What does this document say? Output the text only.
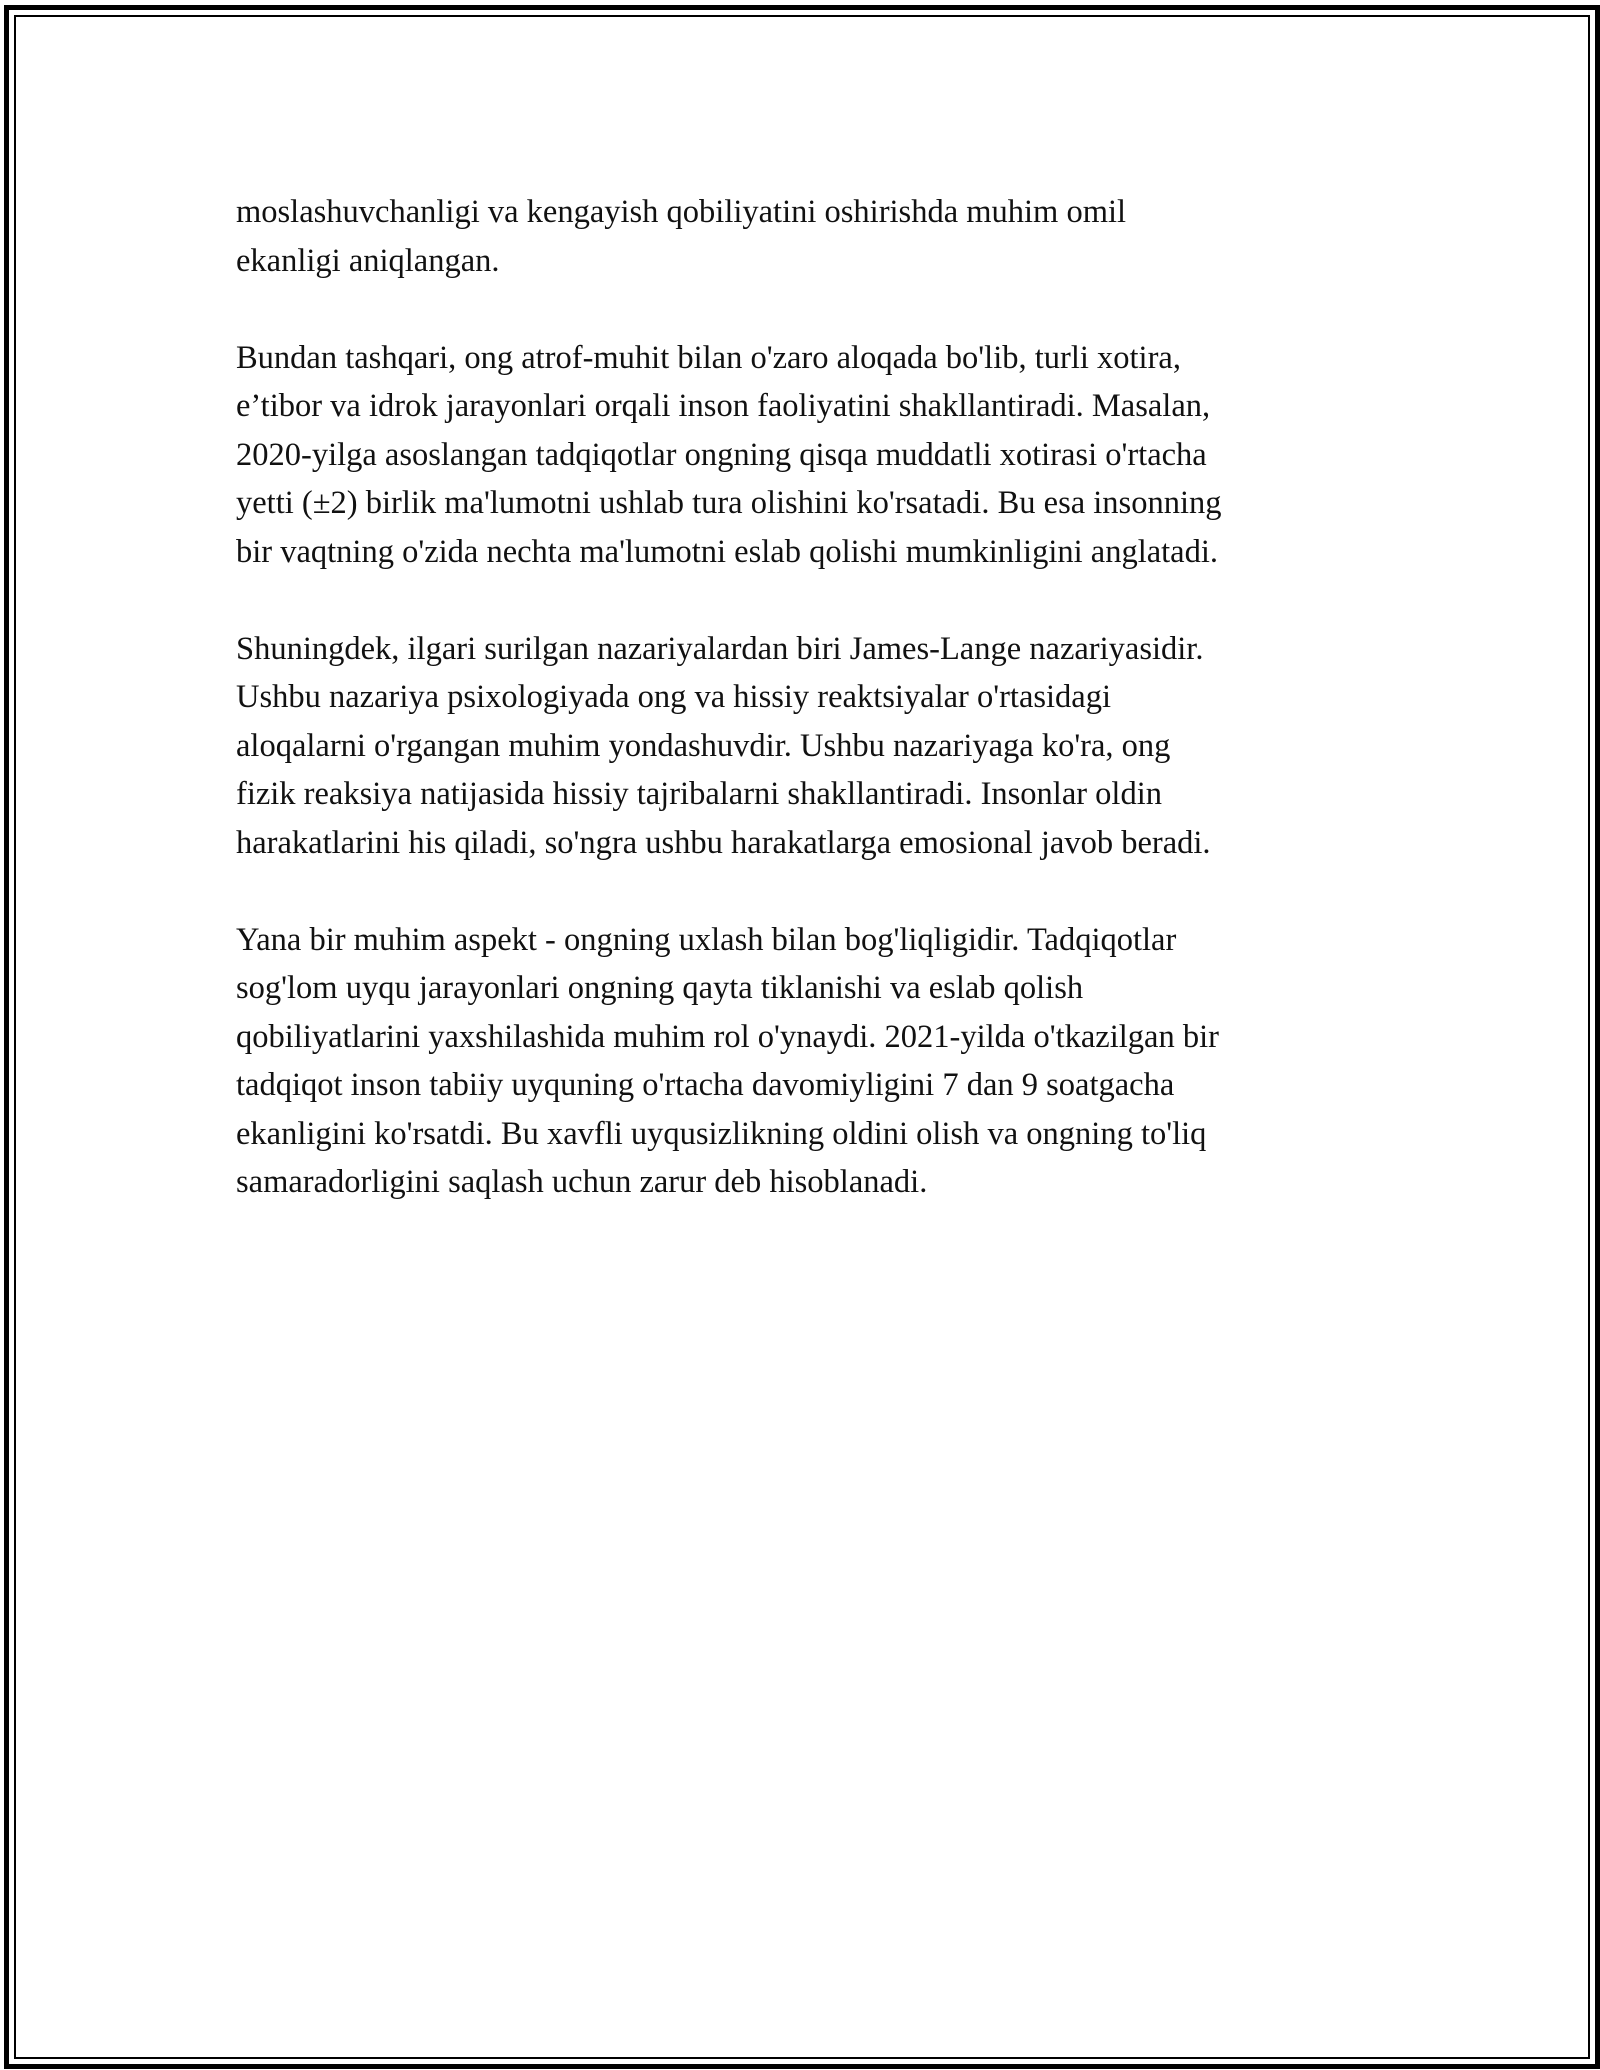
moslashuvchanligi va kengayish qobiliyatini oshirishda muhim omil
ekanligi aniqlangan.

Bundan tashqari, ong atrof-muhit bilan o'zaro aloqada bo'lib, turli xotira,
e’tibor va idrok jarayonlari orqali inson faoliyatini shakllantiradi. Masalan,
2020-yilga asoslangan tadqiqotlar ongning qisqa muddatli xotirasi o'rtacha
yetti (±2) birlik ma'lumotni ushlab tura olishini ko'rsatadi. Bu esa insonning
bir vaqtning o'zida nechta ma'lumotni eslab qolishi mumkinligini anglatadi.

Shuningdek, ilgari surilgan nazariyalardan biri James-Lange nazariyasidir.
Ushbu nazariya psixologiyada ong va hissiy reaktsiyalar o'rtasidagi
aloqalarni o'rgangan muhim yondashuvdir. Ushbu nazariyaga ko'ra, ong
fizik reaksiya natijasida hissiy tajribalarni shakllantiradi. Insonlar oldin
harakatlarini his qiladi, so'ngra ushbu harakatlarga emosional javob beradi.

Yana bir muhim aspekt - ongning uxlash bilan bog'liqligidir. Tadqiqotlar
sog'lom uyqu jarayonlari ongning qayta tiklanishi va eslab qolish
qobiliyatlarini yaxshilashida muhim rol o'ynaydi. 2021-yilda o'tkazilgan bir
tadqiqot inson tabiiy uyquning o'rtacha davomiyligini 7 dan 9 soatgacha
ekanligini ko'rsatdi. Bu xavfli uyqusizlikning oldini olish va ongning to'liq
samaradorligini saqlash uchun zarur deb hisoblanadi.
